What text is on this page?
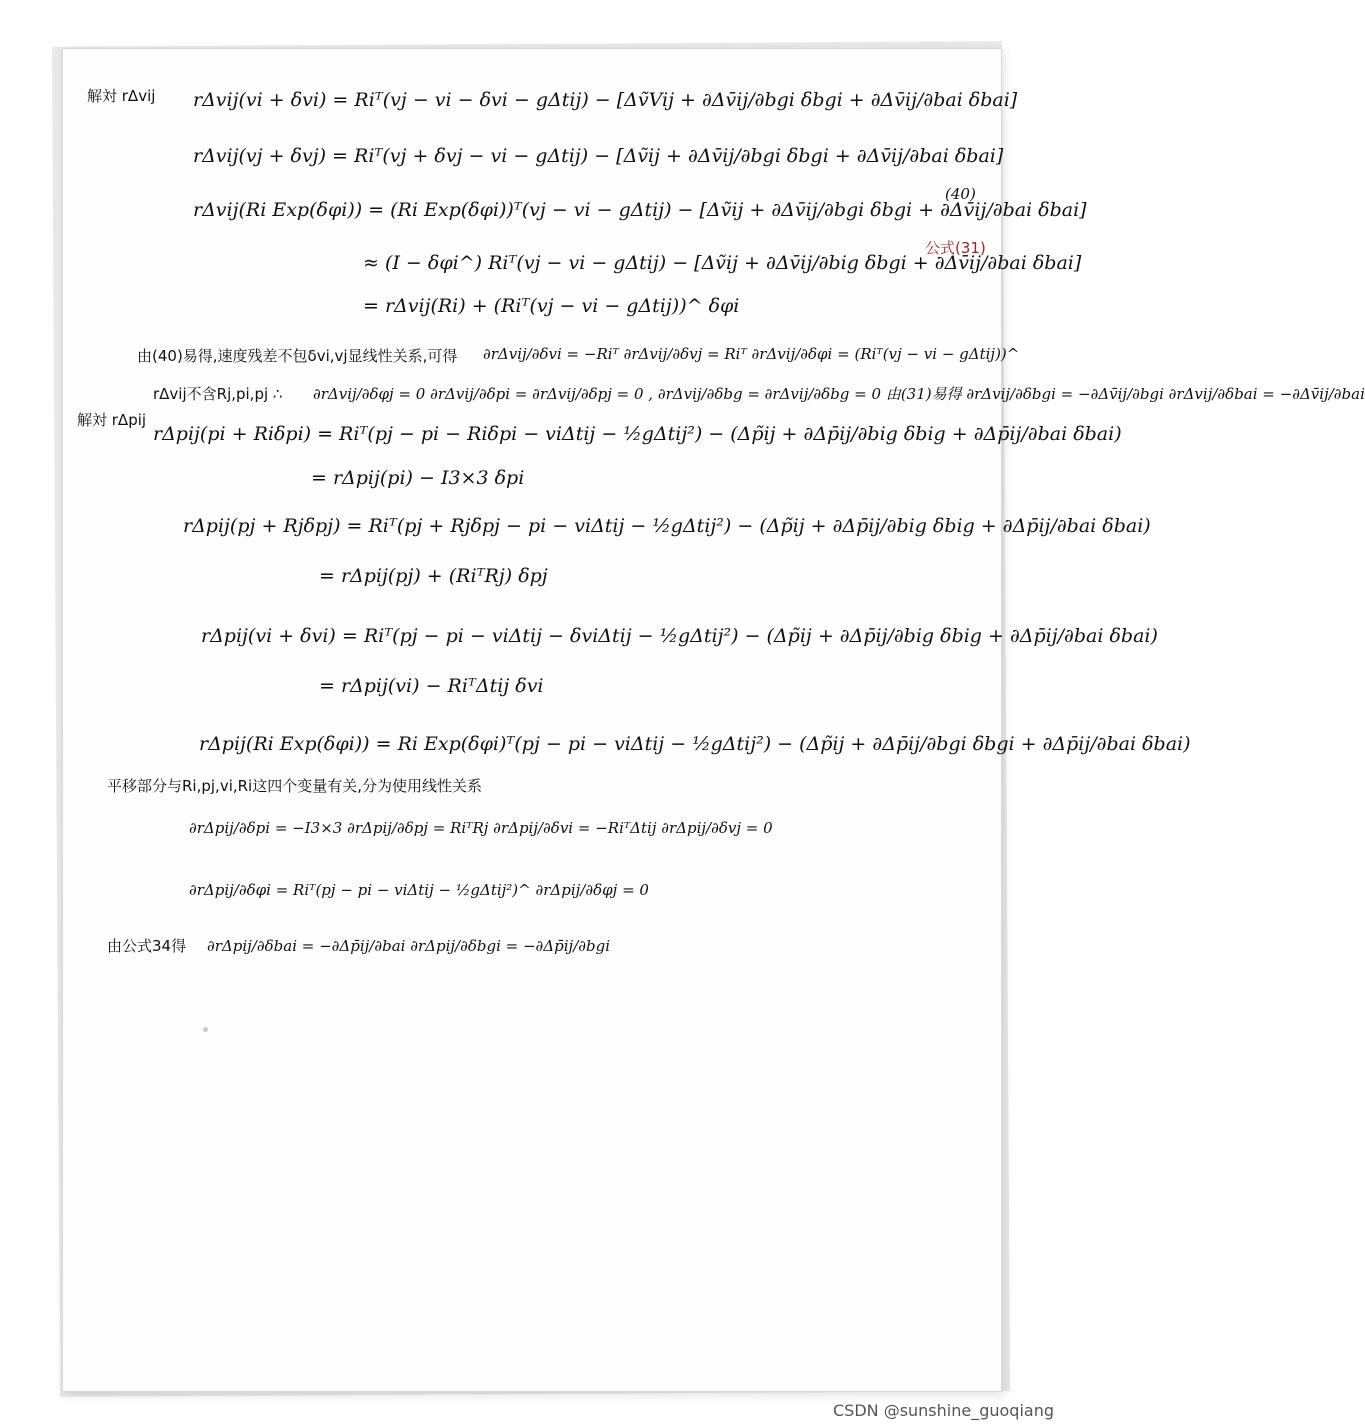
解対 rΔvij rΔvij(vi + δvi) = Riᵀ(vj − vi − δvi − gΔtij) − [ΔṽVij + ∂Δv̄ij/∂bgi δbgi + ∂Δv̄ij/∂bai δbai]
rΔvij(vj + δvj) = Riᵀ(vj + δvj − vi − gΔtij) − [Δṽij + ∂Δv̄ij/∂bgi δbgi + ∂Δv̄ij/∂bai δbai]
rΔvij(Ri Exp(δφi)) = (Ri Exp(δφi))ᵀ(vj − vi − gΔtij) − [Δṽij + ∂Δv̄ij/∂bgi δbgi + ∂Δv̄ij/∂bai δbai]
(40)
≈ (I − δφi^) Riᵀ(vj − vi − gΔtij) − [Δṽij + ∂Δv̄ij/∂big δbgi + ∂Δv̄ij/∂bai δbai]
公式(31)
= rΔvij(Ri) + (Riᵀ(vj − vi − gΔtij))^ δφi
由(40)易得,速度残差不包δvi,vj显线性关系,可得 ∂rΔvij/∂δvi = −Riᵀ ∂rΔvij/∂δvj = Riᵀ ∂rΔvij/∂δφi = (Riᵀ(vj − vi − gΔtij))^
rΔvij不含Rj,pi,pj ∴ ∂rΔvij/∂δφj = 0 ∂rΔvij/∂δpi = ∂rΔvij/∂δpj = 0 , ∂rΔvij/∂δbg = ∂rΔvij/∂δbg = 0 由(31)易得 ∂rΔvij/∂δbgi = −∂Δv̄ij/∂bgi ∂rΔvij/∂δbai = −∂Δv̄ij/∂bai
解対 rΔpij
rΔpij(pi + Riδpi) = Riᵀ(pj − pi − Riδpi − viΔtij − ½gΔtij²) − (Δp̃ij + ∂Δp̄ij/∂big δbig + ∂Δp̄ij/∂bai δbai)
= rΔpij(pi) − I3×3 δpi
rΔpij(pj + Rjδpj) = Riᵀ(pj + Rjδpj − pi − viΔtij − ½gΔtij²) − (Δp̃ij + ∂Δp̄ij/∂big δbig + ∂Δp̄ij/∂bai δbai)
= rΔpij(pj) + (RiᵀRj) δpj
rΔpij(vi + δvi) = Riᵀ(pj − pi − viΔtij − δviΔtij − ½gΔtij²) − (Δp̃ij + ∂Δp̄ij/∂big δbig + ∂Δp̄ij/∂bai δbai)
= rΔpij(vi) − RiᵀΔtij δvi
rΔpij(Ri Exp(δφi)) = Ri Exp(δφi)ᵀ(pj − pi − viΔtij − ½gΔtij²) − (Δp̃ij + ∂Δp̄ij/∂bgi δbgi + ∂Δp̄ij/∂bai δbai)
平移部分与Ri,pj,vi,Ri这四个变量有关,分为使用线性关系
∂rΔpij/∂δpi = −I3×3 ∂rΔpij/∂δpj = RiᵀRj ∂rΔpij/∂δvi = −RiᵀΔtij ∂rΔpij/∂δvj = 0
∂rΔpij/∂δφi = Riᵀ(pj − pi − viΔtij − ½gΔtij²)^ ∂rΔpij/∂δφj = 0
由公式34得 ∂rΔpij/∂δbai = −∂Δp̄ij/∂bai ∂rΔpij/∂δbgi = −∂Δp̄ij/∂bgi
CSDN @sunshine_guoqiang
